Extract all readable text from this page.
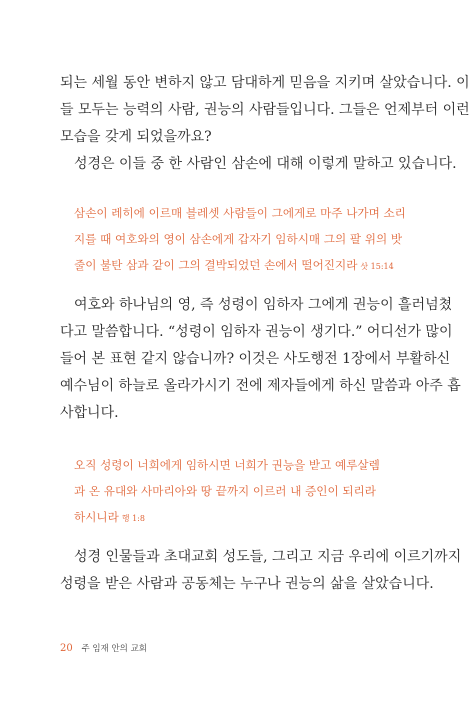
되는 세월 동안 변하지 않고 담대하게 믿음을 지키며 살았습니다. 이
들 모두는 능력의 사람, 권능의 사람들입니다. 그들은 언제부터 이런
모습을 갖게 되었을까요?

성경은 이들 중 한 사람인 삼손에 대해 이렇게 말하고 있습니다.

삼손이 레히에 이르매 블레셋 사람들이 그에게로 마주 나가며 소리
지를 때 여호와의 영이 삼손에게 갑자기 임하시매 그의 팔 위의 밧
줄이 불탄 삼과 같이 그의 결박되었던 손에서 떨어진지라 삿 15:14

여호와 하나님의 영, 즉 성령이 임하자 그에게 권능이 흘러넘쳤
다고 말씀합니다. “성령이 임하자 권능이 생기다.” 어디선가 많이
들어 본 표현 같지 않습니까? 이것은 사도행전 1장에서 부활하신
예수님이 하늘로 올라가시기 전에 제자들에게 하신 말씀과 아주 흡
사합니다.

오직 성령이 너희에게 임하시면 너희가 권능을 받고 예루살렘
과 온 유대와 사마리아와 땅 끝까지 이르러 내 증인이 되리라
하시니라 행 1:8

성경 인물들과 초대교회 성도들, 그리고 지금 우리에 이르기까지
성령을 받은 사람과 공동체는 누구나 권능의 삶을 살았습니다.

20 주 임재 안의 교회
